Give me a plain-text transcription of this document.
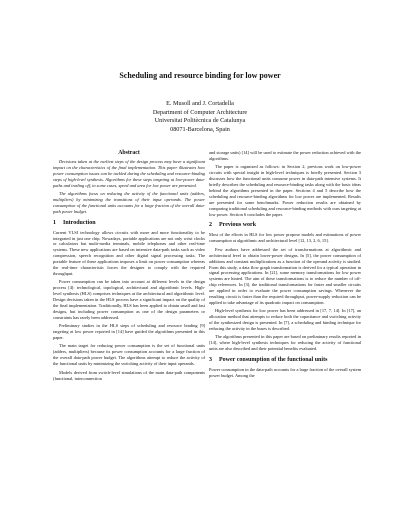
Scheduling and resource binding for low power
E. Musoll and J. Cortadella
Department of Computer Architecture
Universitat Politècnica de Catalunya
08071-Barcelona, Spain
Abstract

Decisions taken at the earliest steps of the design process may have a significant impact on the characteristics of the final implementation. This paper illustrates how power consumption issues can be tackled during the scheduling and resource-binding steps of high-level synthesis. Algorithms for these steps targeting at low-power data-paths and trading off, in some cases, speed and area for low power are presented.

The algorithms focus on reducing the activity of the functional units (adders, multipliers) by minimizing the transitions of their input operands. The power consumption of the functional units accounts for a large fraction of the overall data-path power budget.

1 Introduction

Current VLSI technology allows circuits with more and more functionality to be integrated in just one chip. Nowadays, portable applications are not only wrist clocks or calculators but multi-media terminals, mobile telephones and other real-time systems. These new applications are based on intensive data-path tasks such as video compression, speech recognition and other digital signal processing tasks. The portable feature of these applications imposes a limit on power consumption whereas the real-time characteristic forces the designer to comply with the required throughput.

Power consumption can be taken into account at different levels in the design process [4]: technological, topological, architectural and algorithmic levels. High-level synthesis (HLS) comprises techniques at the architectural and algorithmic level. Design decisions taken in the HLS process have a significant impact on the quality of the final implementation. Traditionally, HLS has been applied to obtain small and fast designs, but including power consumption as one of the design parameters or constraints has rarely been addressed.

Preliminary studies in the HLS steps of scheduling and resource binding [9] targeting at low power reported in [14] have guided the algorithms presented in this paper.

The main target for reducing power consumption is the set of functional units (adders, multipliers) because its power consumption accounts for a large fraction of the overall data-path power budget. The algorithms attempt to reduce the activity of the functional units by minimizing the switching activity of their input operands.

Models derived from switch-level simulations of the main data-path components (functional, interconnection

and storage units) [14] will be used to estimate the power reduction achieved with the algorithms.

The paper is organized as follows: in Section 2, previous work on low-power circuits with special insight in high-level techniques is briefly presented. Section 3 discusses how the functional units consume power in data-path intensive systems. It briefly describes the scheduling and resource-binding tasks along with the basic ideas behind the algorithms presented in the paper. Sections 4 and 5 describe how the scheduling and resource-binding algorithms for low power are implemented. Results are presented for some benchmarks. Power reduction results are obtained by comparing traditional scheduling and resource-binding methods with ours targeting at low power. Section 6 concludes the paper.

2 Previous work

Most of the efforts in HLS for low power propose models and estimations of power consumption at algorithmic and architectural level [12, 13, 2, 6, 15].

Few authors have addressed the set of transformations at algorithmic and architectural level to obtain lower-power designs. In [5], the power consumption of additions and constant multiplications as a function of the operand activity is studied. From this study, a data flow graph transformation is derived for a typical operation in signal processing applications. In [21], some memory transformations for low power systems are hinted. The aim of these transformations is to reduce the number of off-chip references. In [3], the traditional transformations for faster and smaller circuits are applied in order to evaluate the power consumption savings. Whenever the resulting circuit is faster than the required throughput, power-supply reduction can be applied to take advantage of its quadratic impact on consumption.

High-level synthesis for low power has been addressed in [17, 7, 14]. In [17], an allocation method that attempts to reduce both the capacitance and switching activity of the synthesized design is presented. In [7], a scheduling and binding technique for reducing the activity in the buses is described.

The algorithms presented in this paper are based on preliminary results reported in [14], where high-level synthesis techniques for reducing the activity of functional units are also described and their potential benefits evaluated.

3 Power consumption of the functional units

Power consumption in the data-path accounts for a large fraction of the overall system power budget. Among the
